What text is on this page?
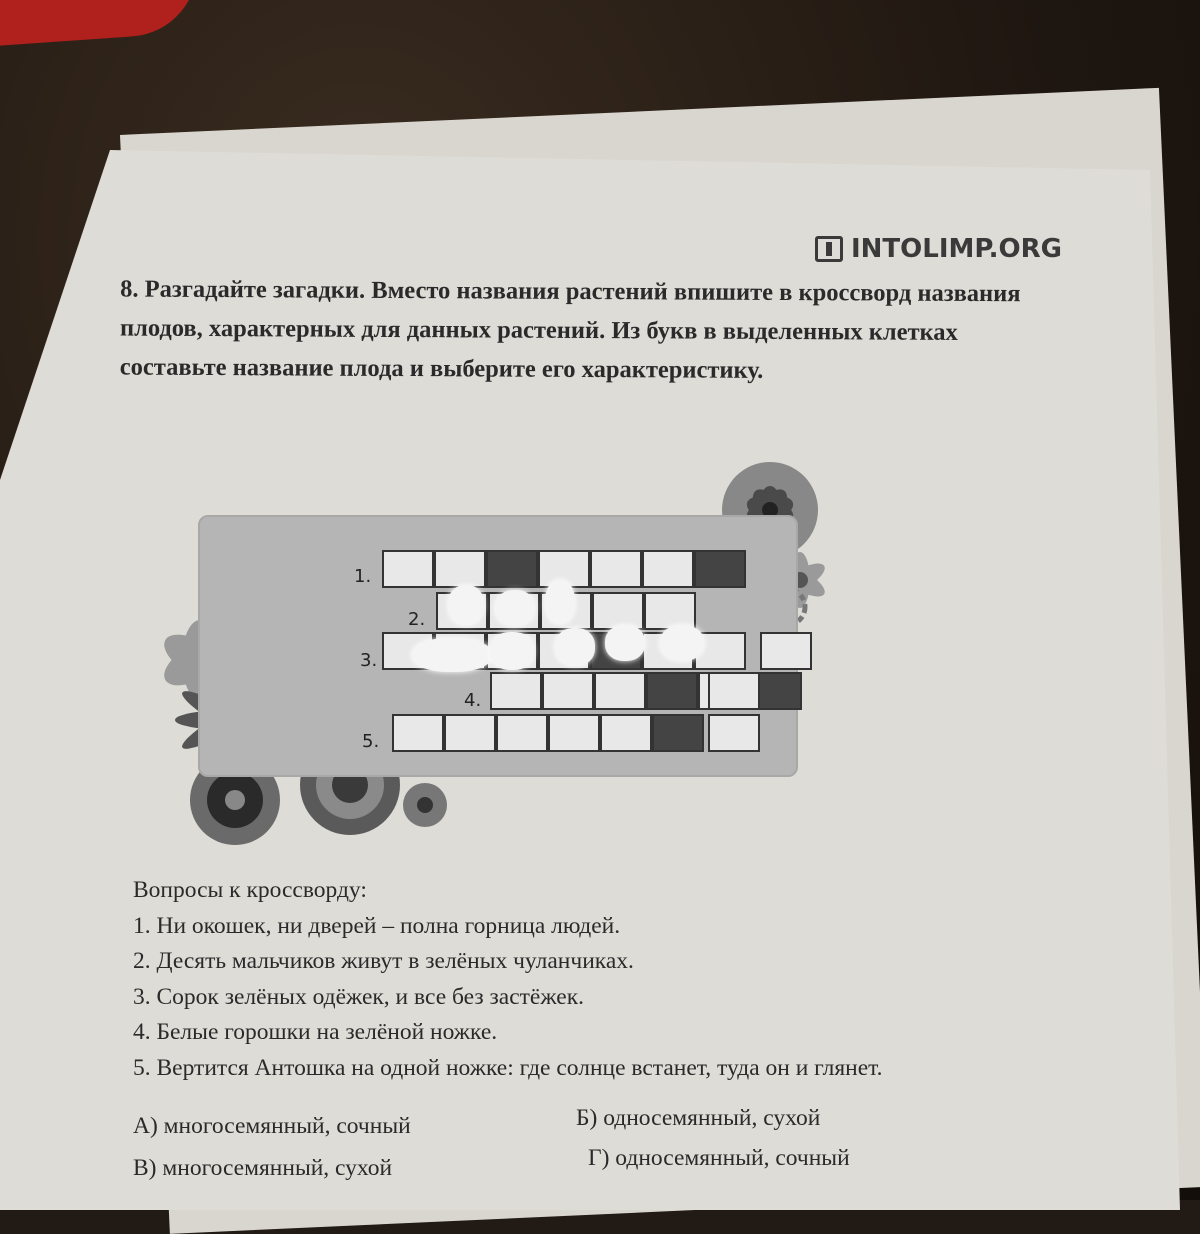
INTOLIMP.ORG
8. Разгадайте загадки. Вместо названия растений впишите в кроссворд названия плодов, характерных для данных растений. Из букв в выделенных клетках составьте название плода и выберите его характеристику.
1.
2.
3.
4.
5.
Вопросы к кроссворду:
1. Ни окошек, ни дверей – полна горница людей.
2. Десять мальчиков живут в зелёных чуланчиках.
3. Сорок зелёных одёжек, и все без застёжек.
4. Белые горошки на зелёной ножке.
5. Вертится Антошка на одной ножке: где солнце встанет, туда он и глянет.
А) многосемянный, сочный	Б) односемянный, сухой
В) многосемянный, сухой	Г) односемянный, сочный
